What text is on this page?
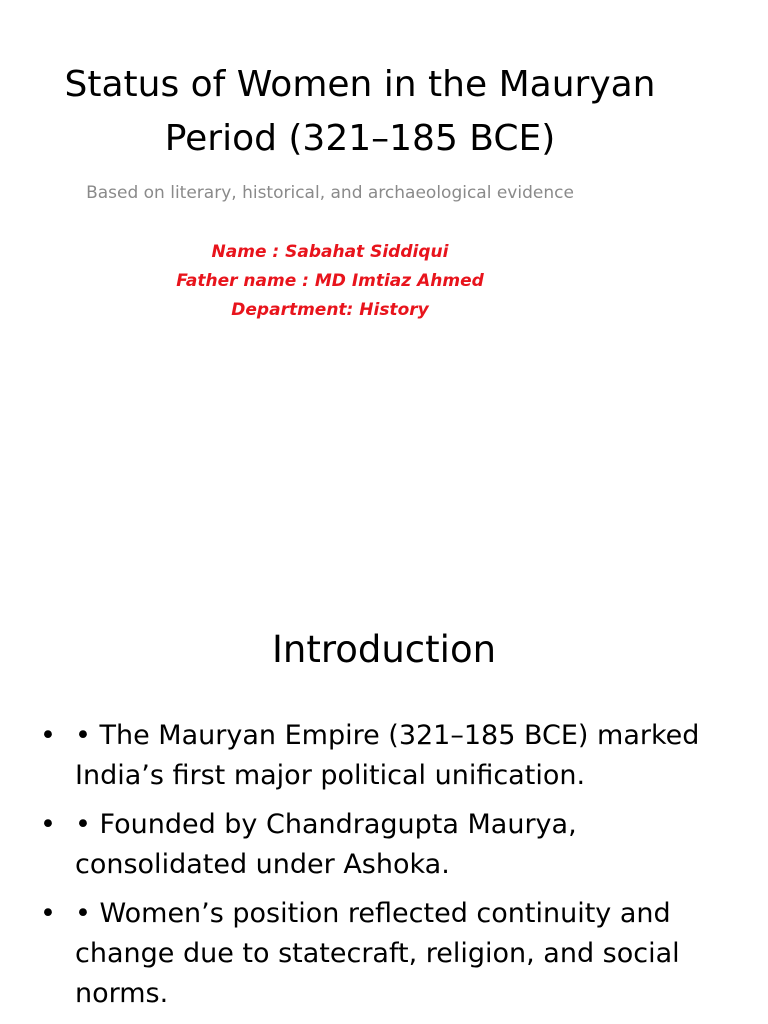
Status of Women in the Mauryan
Period (321–185 BCE)

Based on literary, historical, and archaeological evidence

Name : Sabahat Siddiqui
Father name : MD Imtiaz Ahmed
Department: History
Introduction
• • The Mauryan Empire (321–185 BCE) marked India’s first major political unification.
• • Founded by Chandragupta Maurya, consolidated under Ashoka.
• • Women’s position reflected continuity and change due to statecraft, religion, and social norms.
